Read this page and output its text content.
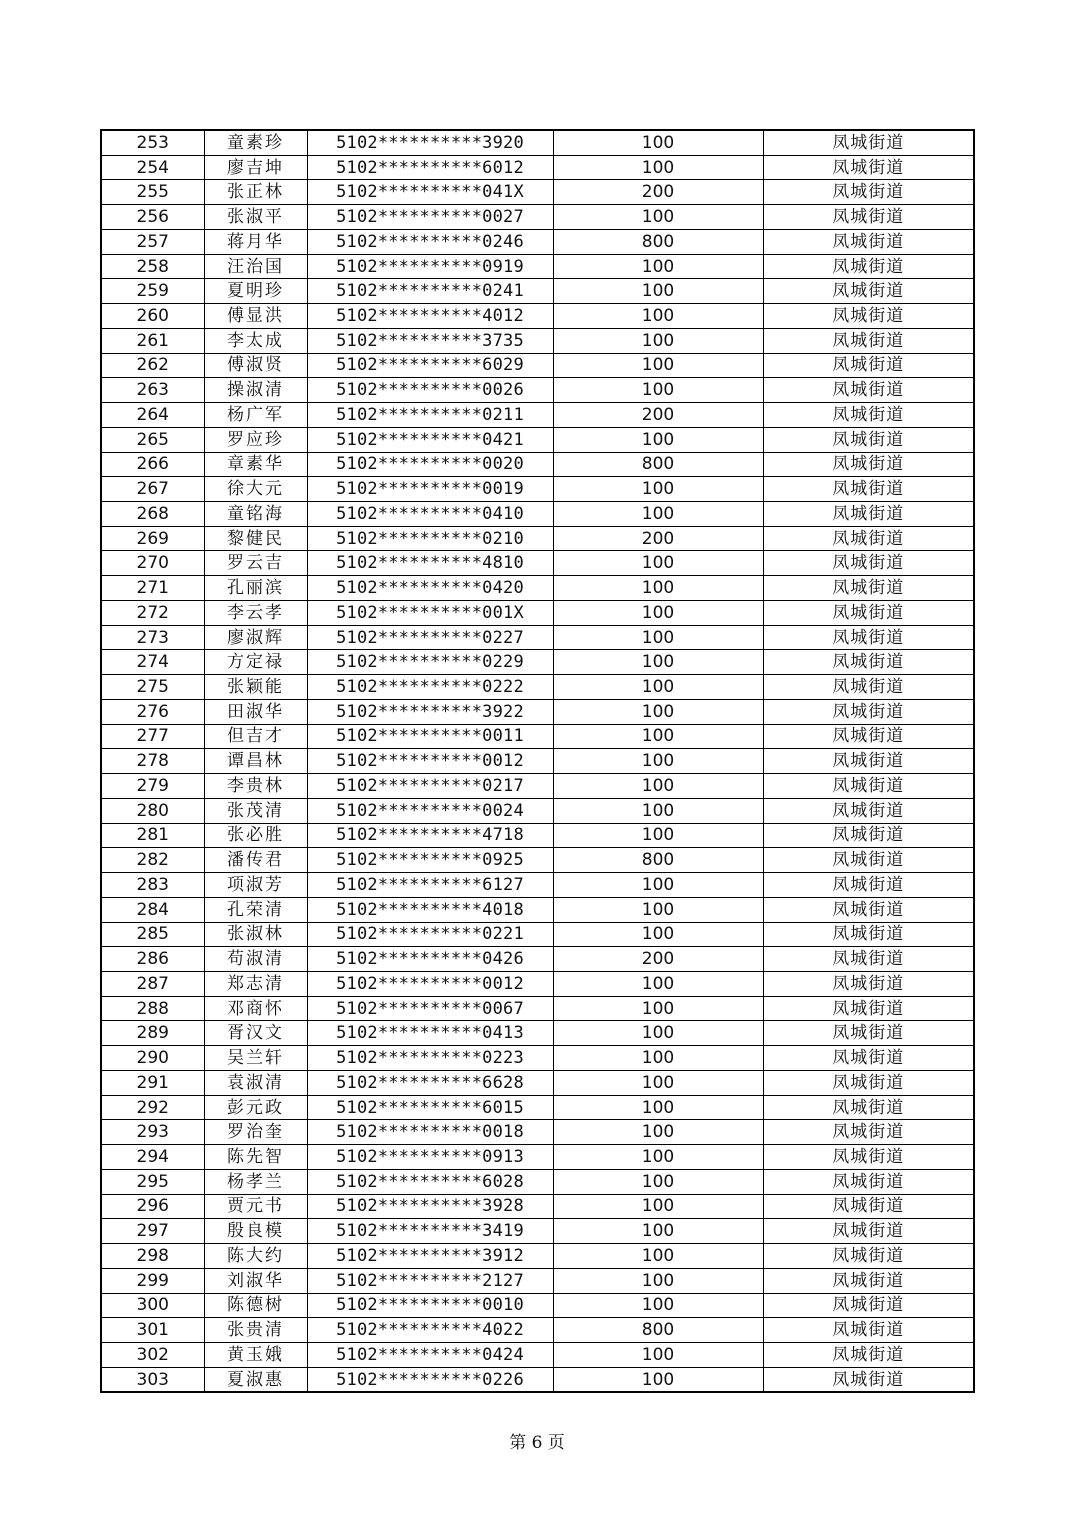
253	童素珍	5102**********3920	100	凤城街道
254	廖吉坤	5102**********6012	100	凤城街道
255	张正林	5102**********041X	200	凤城街道
256	张淑平	5102**********0027	100	凤城街道
257	蒋月华	5102**********0246	800	凤城街道
258	汪治国	5102**********0919	100	凤城街道
259	夏明珍	5102**********0241	100	凤城街道
260	傅显洪	5102**********4012	100	凤城街道
261	李太成	5102**********3735	100	凤城街道
262	傅淑贤	5102**********6029	100	凤城街道
263	操淑清	5102**********0026	100	凤城街道
264	杨广军	5102**********0211	200	凤城街道
265	罗应珍	5102**********0421	100	凤城街道
266	章素华	5102**********0020	800	凤城街道
267	徐大元	5102**********0019	100	凤城街道
268	童铭海	5102**********0410	100	凤城街道
269	黎健民	5102**********0210	200	凤城街道
270	罗云吉	5102**********4810	100	凤城街道
271	孔丽滨	5102**********0420	100	凤城街道
272	李云孝	5102**********001X	100	凤城街道
273	廖淑辉	5102**********0227	100	凤城街道
274	方定禄	5102**********0229	100	凤城街道
275	张颖能	5102**********0222	100	凤城街道
276	田淑华	5102**********3922	100	凤城街道
277	但吉才	5102**********0011	100	凤城街道
278	谭昌林	5102**********0012	100	凤城街道
279	李贵林	5102**********0217	100	凤城街道
280	张茂清	5102**********0024	100	凤城街道
281	张必胜	5102**********4718	100	凤城街道
282	潘传君	5102**********0925	800	凤城街道
283	项淑芳	5102**********6127	100	凤城街道
284	孔荣清	5102**********4018	100	凤城街道
285	张淑林	5102**********0221	100	凤城街道
286	苟淑清	5102**********0426	200	凤城街道
287	郑志清	5102**********0012	100	凤城街道
288	邓商怀	5102**********0067	100	凤城街道
289	胥汉文	5102**********0413	100	凤城街道
290	吴兰轩	5102**********0223	100	凤城街道
291	袁淑清	5102**********6628	100	凤城街道
292	彭元政	5102**********6015	100	凤城街道
293	罗治奎	5102**********0018	100	凤城街道
294	陈先智	5102**********0913	100	凤城街道
295	杨孝兰	5102**********6028	100	凤城街道
296	贾元书	5102**********3928	100	凤城街道
297	殷良模	5102**********3419	100	凤城街道
298	陈大约	5102**********3912	100	凤城街道
299	刘淑华	5102**********2127	100	凤城街道
300	陈德树	5102**********0010	100	凤城街道
301	张贵清	5102**********4022	800	凤城街道
302	黄玉娥	5102**********0424	100	凤城街道
303	夏淑惠	5102**********0226	100	凤城街道
第 6 页
